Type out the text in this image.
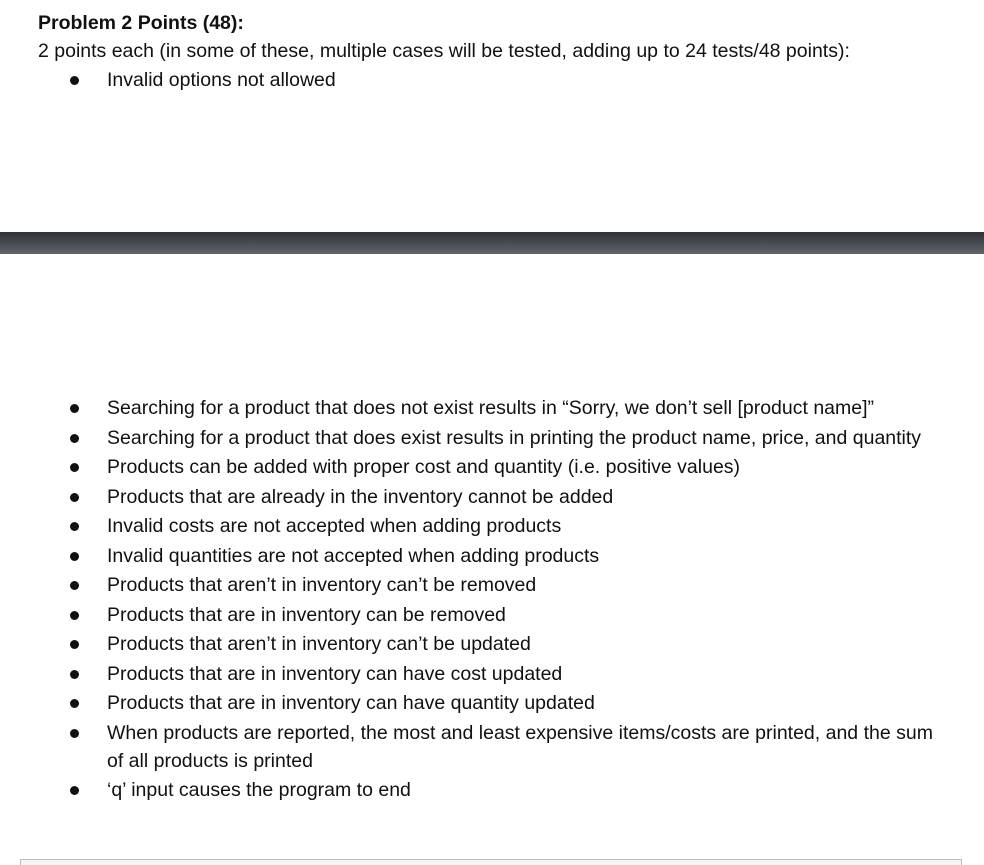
Problem 2 Points (48):
2 points each (in some of these, multiple cases will be tested, adding up to 24 tests/48 points):
Invalid options not allowed
Searching for a product that does not exist results in “Sorry, we don’t sell [product name]”
Searching for a product that does exist results in printing the product name, price, and quantity
Products can be added with proper cost and quantity (i.e. positive values)
Products that are already in the inventory cannot be added
Invalid costs are not accepted when adding products
Invalid quantities are not accepted when adding products
Products that aren’t in inventory can’t be removed
Products that are in inventory can be removed
Products that aren’t in inventory can’t be updated
Products that are in inventory can have cost updated
Products that are in inventory can have quantity updated
When products are reported, the most and least expensive items/costs are printed, and the sum of all products is printed
‘q’ input causes the program to end
